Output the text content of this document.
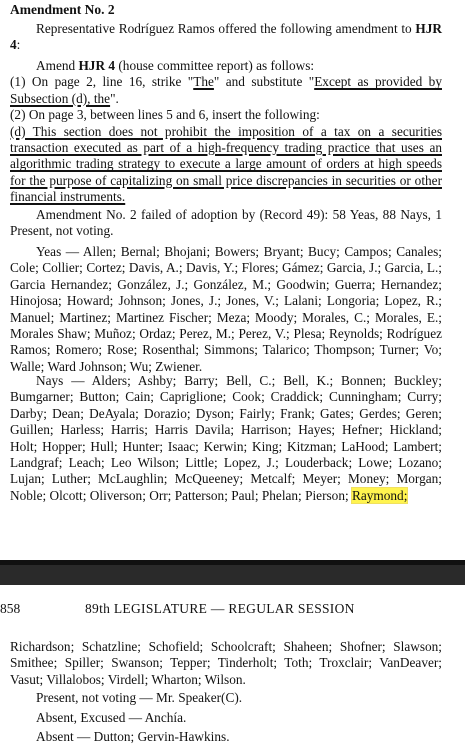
Amendment No. 2
Representative Rodríguez Ramos offered the following amendment to HJR 4:
Amend HJR 4 (house committee report) as follows:
(1) On page 2, line 16, strike "The" and substitute "Except as provided by Subsection (d), the".
(2) On page 3, between lines 5 and 6, insert the following:
(d) This section does not prohibit the imposition of a tax on a securities transaction executed as part of a high-frequency trading practice that uses an algorithmic trading strategy to execute a large amount of orders at high speeds for the purpose of capitalizing on small price discrepancies in securities or other financial instruments.
Amendment No. 2 failed of adoption by (Record 49): 58 Yeas, 88 Nays, 1 Present, not voting.
Yeas — Allen; Bernal; Bhojani; Bowers; Bryant; Bucy; Campos; Canales; Cole; Collier; Cortez; Davis, A.; Davis, Y.; Flores; Gámez; Garcia, J.; Garcia, L.; Garcia Hernandez; González, J.; González, M.; Goodwin; Guerra; Hernandez; Hinojosa; Howard; Johnson; Jones, J.; Jones, V.; Lalani; Longoria; Lopez, R.; Manuel; Martinez; Martinez Fischer; Meza; Moody; Morales, C.; Morales, E.; Morales Shaw; Muñoz; Ordaz; Perez, M.; Perez, V.; Plesa; Reynolds; Rodríguez Ramos; Romero; Rose; Rosenthal; Simmons; Talarico; Thompson; Turner; Vo; Walle; Ward Johnson; Wu; Zwiener.
Nays — Alders; Ashby; Barry; Bell, C.; Bell, K.; Bonnen; Buckley; Bumgarner; Button; Cain; Capriglione; Cook; Craddick; Cunningham; Curry; Darby; Dean; DeAyala; Dorazio; Dyson; Fairly; Frank; Gates; Gerdes; Geren; Guillen; Harless; Harris; Harris Davila; Harrison; Hayes; Hefner; Hickland; Holt; Hopper; Hull; Hunter; Isaac; Kerwin; King; Kitzman; LaHood; Lambert; Landgraf; Leach; Leo Wilson; Little; Lopez, J.; Louderback; Lowe; Lozano; Lujan; Luther; McLaughlin; McQueeney; Metcalf; Meyer; Money; Morgan; Noble; Olcott; Oliverson; Orr; Patterson; Paul; Phelan; Pierson; Raymond;
858	89th LEGISLATURE — REGULAR SESSION
Richardson; Schatzline; Schofield; Schoolcraft; Shaheen; Shofner; Slawson; Smithee; Spiller; Swanson; Tepper; Tinderholt; Toth; Troxclair; VanDeaver; Vasut; Villalobos; Virdell; Wharton; Wilson.
Present, not voting — Mr. Speaker(C).
Absent, Excused — Anchía.
Absent — Dutton; Gervin-Hawkins.
